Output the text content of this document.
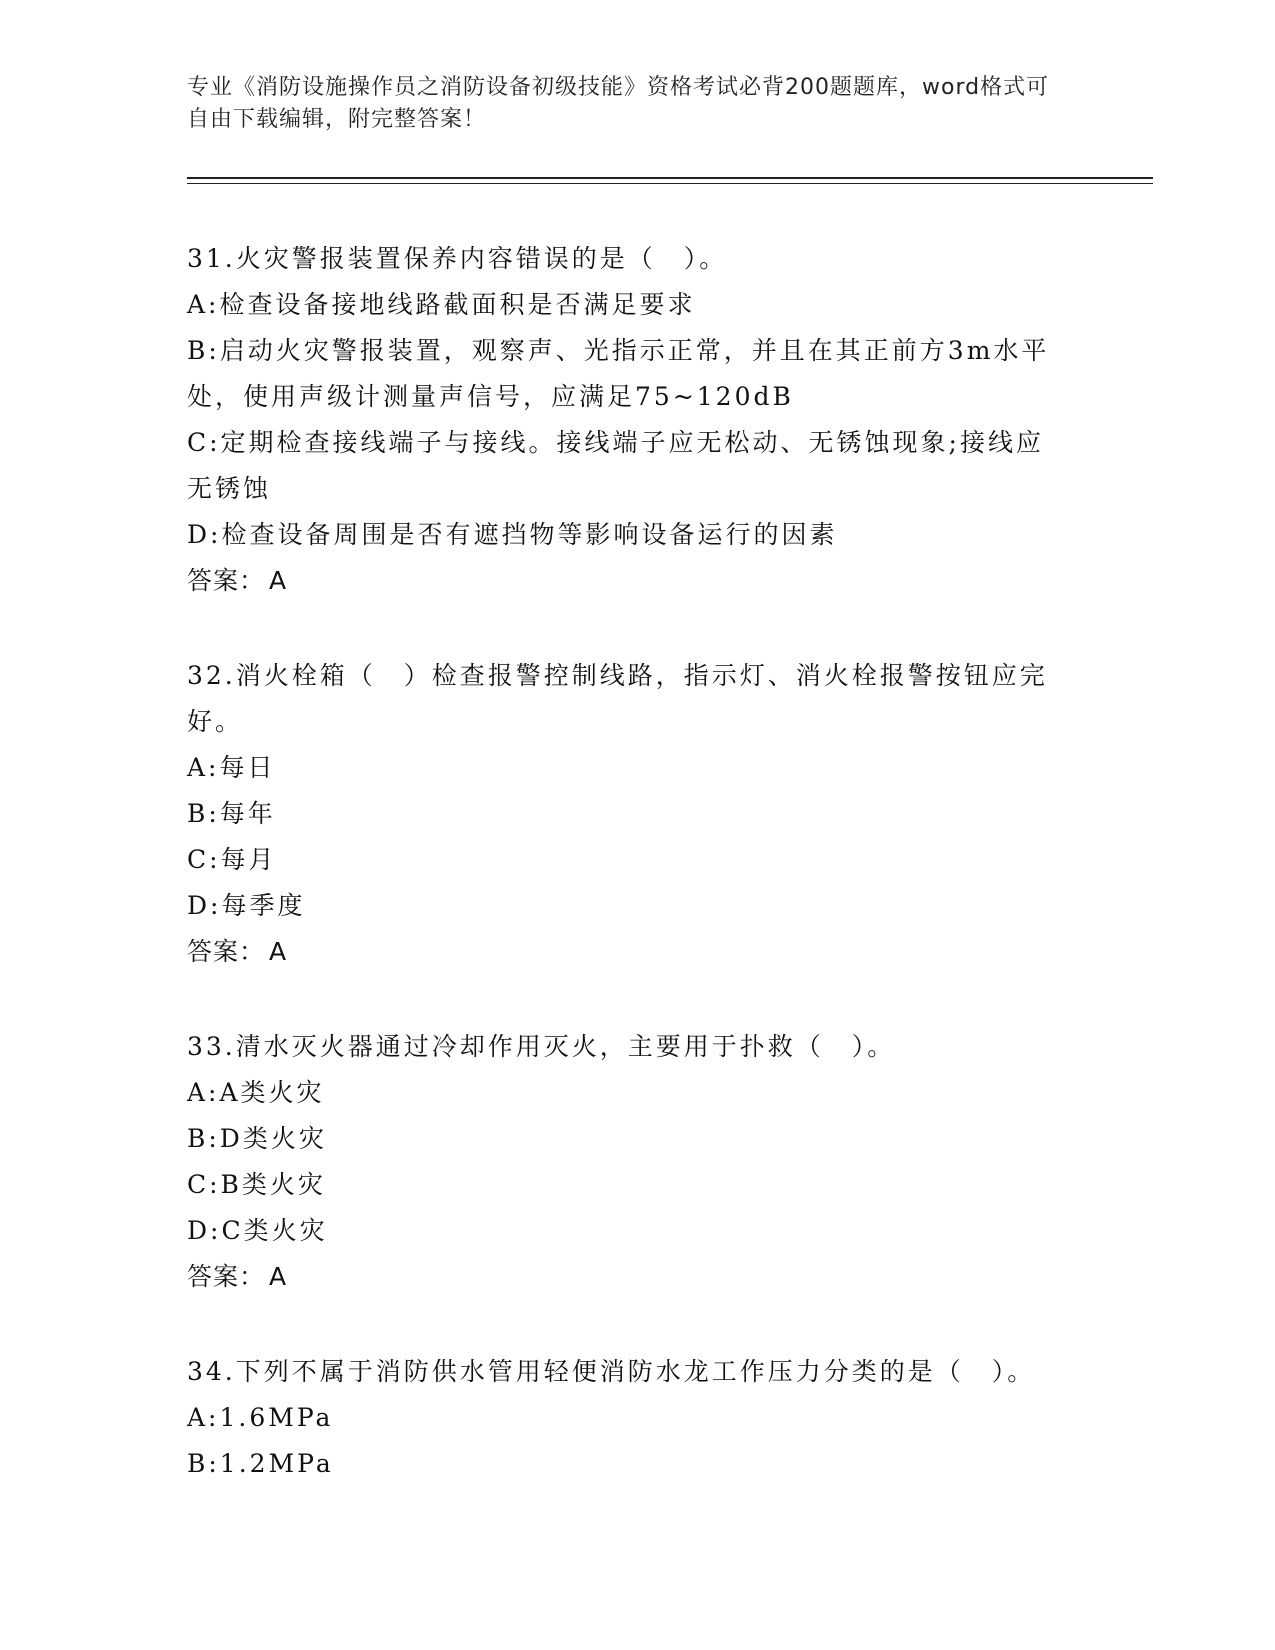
专业《消防设施操作员之消防设备初级技能》资格考试必背200题题库，word格式可自由下载编辑，附完整答案！

31.火灾警报装置保养内容错误的是（　）。

A:检查设备接地线路截面积是否满足要求

B:启动火灾警报装置，观察声、光指示正常，并且在其正前方3m水平处，使用声级计测量声信号，应满足75~120dB

C:定期检查接线端子与接线。接线端子应无松动、无锈蚀现象;接线应无锈蚀

D:检查设备周围是否有遮挡物等影响设备运行的因素

答案： A

32.消火栓箱（　）检查报警控制线路，指示灯、消火栓报警按钮应完好。

A:每日

B:每年

C:每月

D:每季度

答案： A

33.清水灭火器通过冷却作用灭火，主要用于扑救（　）。

A:A类火灾

B:D类火灾

C:B类火灾

D:C类火灾

答案： A

34.下列不属于消防供水管用轻便消防水龙工作压力分类的是（　）。

A:1.6MPa

B:1.2MPa
